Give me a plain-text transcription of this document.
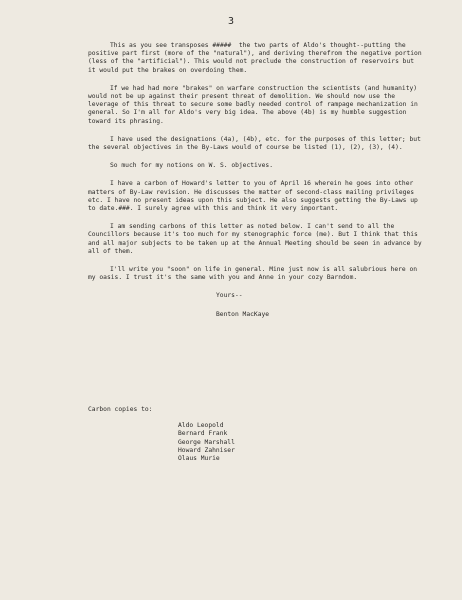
3

This as you see transposes #####  the two parts of Aldo's thought--putting the positive part first (more of the "natural"), and deriving therefrom the negative portion (less of the "artificial"). This would not preclude the construction of reservoirs but it would put the brakes on overdoing them.

If we had had more "brakes" on warfare construction the scientists (and humanity) would not be up against their present threat of demolition. We should now use the leverage of this threat to secure some badly needed control of rampage mechanization in general. So I'm all for Aldo's very big idea. The above (4b) is my humble suggestion toward its phrasing.

I have used the designations (4a), (4b), etc. for the purposes of this letter; but the several objectives in the By-Laws would of course be listed (1), (2), (3), (4).

So much for my notions on W. S. objectives.

I have a carbon of Howard's letter to you of April 16 wherein he goes into other matters of By-Law revision. He discusses the matter of second-class mailing privileges etc. I have no present ideas upon this subject. He also suggests getting the By-Laws up to date.###. I surely agree with this and think it very important.

I am sending carbons of this letter as noted below. I can't send to all the Councillors because it's too much for my stenographic force (me). But I think that this and all major subjects to be taken up at the Annual Meeting should be seen in advance by all of them.

I'll write you "soon" on life in general. Mine just now is all salubrious here on my oasis. I trust it's the same with you and Anne in your cozy Barndom.

Yours--
Benton MacKaye
Carbon copies to:
Aldo Leopold
Bernard Frank
George Marshall
Howard Zahniser
Olaus Murie
